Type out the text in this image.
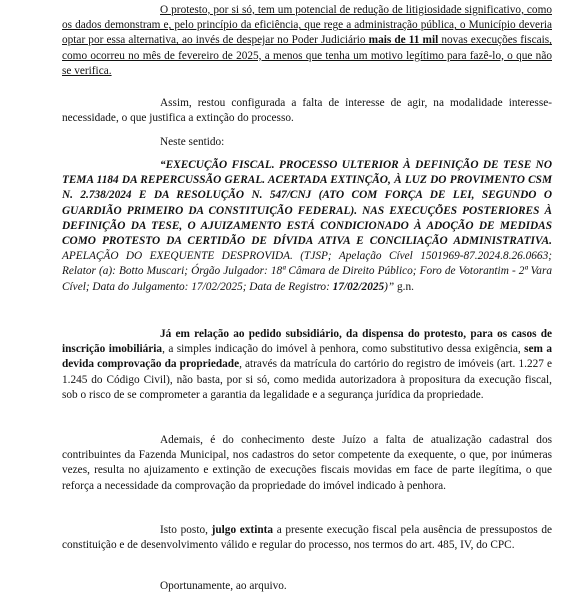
O protesto, por si só, tem um potencial de redução de litigiosidade significativo, como os dados demonstram e, pelo princípio da eficiência, que rege a administração pública, o Município deveria optar por essa alternativa, ao invés de despejar no Poder Judiciário mais de 11 mil novas execuções fiscais, como ocorreu no mês de fevereiro de 2025, a menos que tenha um motivo legítimo para fazê-lo, o que não se verifica.
Assim, restou configurada a falta de interesse de agir, na modalidade interesse-necessidade, o que justifica a extinção do processo.
Neste sentido:
“EXECUÇÃO FISCAL. PROCESSO ULTERIOR À DEFINIÇÃO DE TESE NO TEMA 1184 DA REPERCUSSÃO GERAL. ACERTADA EXTINÇÃO, À LUZ DO PROVIMENTO CSM N. 2.738/2024 E DA RESOLUÇÃO N. 547/CNJ (ATO COM FORÇA DE LEI, SEGUNDO O GUARDIÃO PRIMEIRO DA CONSTITUIÇÃO FEDERAL). NAS EXECUÇÕES POSTERIORES À DEFINIÇÃO DA TESE, O AJUIZAMENTO ESTÁ CONDICIONADO À ADOÇÃO DE MEDIDAS COMO PROTESTO DA CERTIDÃO DE DÍVIDA ATIVA E CONCILIAÇÃO ADMINISTRATIVA. APELAÇÃO DO EXEQUENTE DESPROVIDA. (TJSP; Apelação Cível 1501969-87.2024.8.26.0663; Relator (a): Botto Muscari; Órgão Julgador: 18ª Câmara de Direito Público; Foro de Votorantim - 2ª Vara Cível; Data do Julgamento: 17/02/2025; Data de Registro: 17/02/2025)” g.n.
Já em relação ao pedido subsidiário, da dispensa do protesto, para os casos de inscrição imobiliária, a simples indicação do imóvel à penhora, como substitutivo dessa exigência, sem a devida comprovação da propriedade, através da matrícula do cartório do registro de imóveis (art. 1.227 e 1.245 do Código Civil), não basta, por si só, como medida autorizadora à propositura da execução fiscal, sob o risco de se comprometer a garantia da legalidade e a segurança jurídica da propriedade.
Ademais, é do conhecimento deste Juízo a falta de atualização cadastral dos contribuintes da Fazenda Municipal, nos cadastros do setor competente da exequente, o que, por inúmeras vezes, resulta no ajuizamento e extinção de execuções fiscais movidas em face de parte ilegítima, o que reforça a necessidade da comprovação da propriedade do imóvel indicado à penhora.
Isto posto, julgo extinta a presente execução fiscal pela ausência de pressupostos de constituição e de desenvolvimento válido e regular do processo, nos termos do art. 485, IV, do CPC.
Oportunamente, ao arquivo.
